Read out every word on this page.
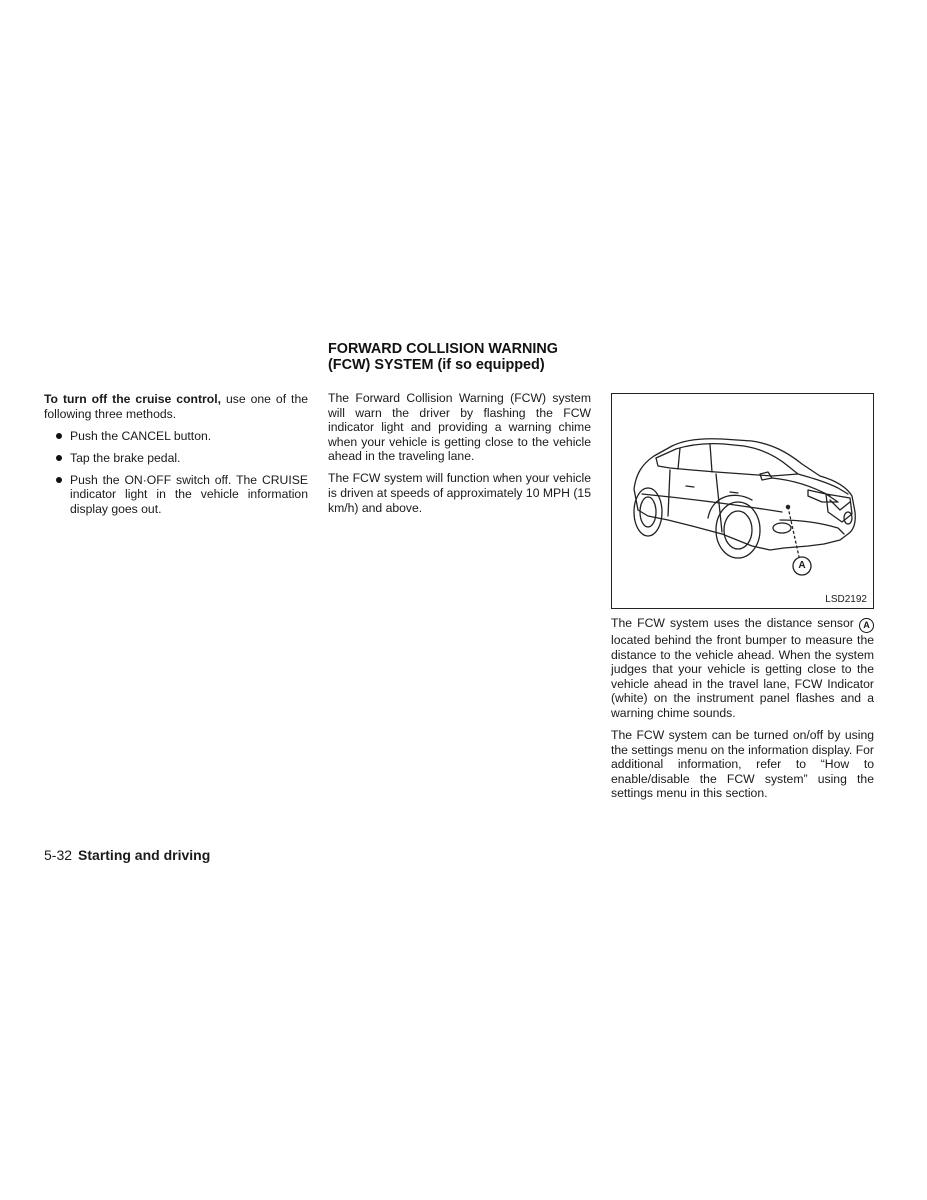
To turn off the cruise control, use one of the following three methods.

Push the CANCEL button.
Tap the brake pedal.
Push the ON·OFF switch off. The CRUISE indicator light in the vehicle information display goes out.
FORWARD COLLISION WARNING
(FCW) SYSTEM (if so equipped)

The Forward Collision Warning (FCW) system will warn the driver by flashing the FCW indicator light and providing a warning chime when your vehicle is getting close to the vehicle ahead in the traveling lane.

The FCW system will function when your vehicle is driven at speeds of approximately 10 MPH (15 km/h) and above.

A
LSD2192

The FCW system uses the distance sensor A located behind the front bumper to measure the distance to the vehicle ahead. When the system judges that your vehicle is getting close to the vehicle ahead in the travel lane, FCW Indicator (white) on the instrument panel flashes and a warning chime sounds.

The FCW system can be turned on/off by using the settings menu on the information display. For additional information, refer to “How to enable/disable the FCW system” using the settings menu in this section.

5-32 Starting and driving
